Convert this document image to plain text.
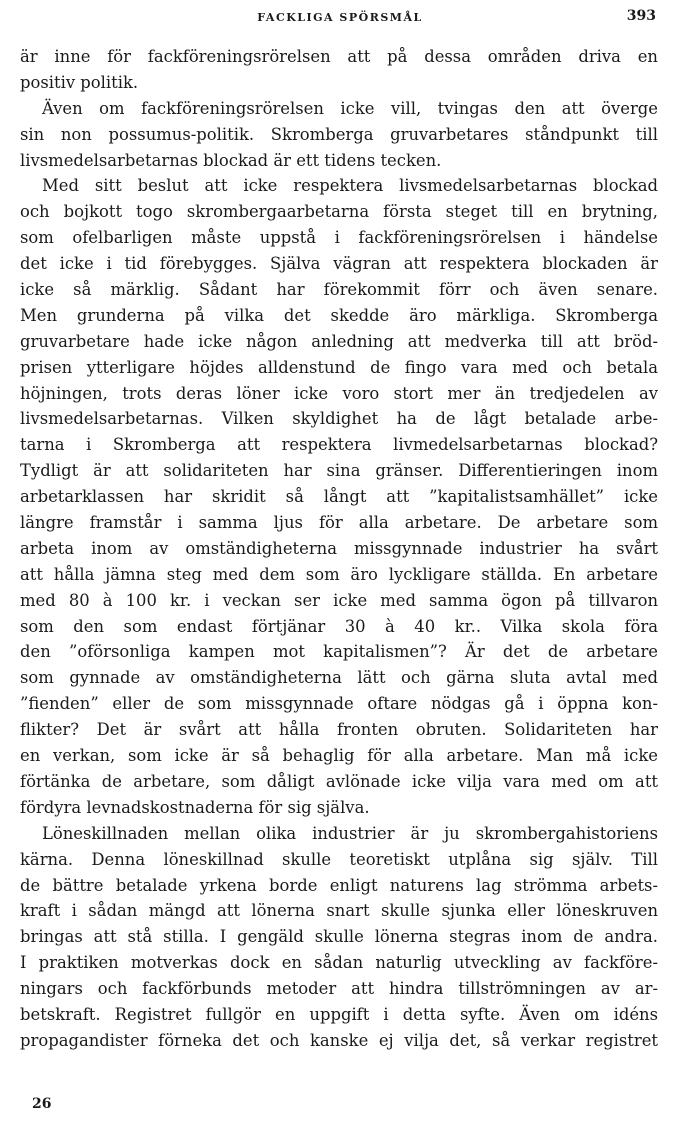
FACKLIGA SPÖRSMÅL	393
är inne för fackföreningsrörelsen att på dessa områden driva en
positiv politik.
Även om fackföreningsrörelsen icke vill, tvingas den att överge
sin non possumus-politik. Skromberga gruvarbetares ståndpunkt till
livsmedelsarbetarnas blockad är ett tidens tecken.
Med sitt beslut att icke respektera livsmedelsarbetarnas blockad
och bojkott togo skrombergaarbetarna första steget till en brytning,
som ofelbarligen måste uppstå i fackföreningsrörelsen i händelse
det icke i tid förebygges. Själva vägran att respektera blockaden är
icke så märklig. Sådant har förekommit förr och även senare.
Men grunderna på vilka det skedde äro märkliga. Skromberga
gruvarbetare hade icke någon anledning att medverka till att bröd-
prisen ytterligare höjdes alldenstund de fingo vara med och betala
höjningen, trots deras löner icke voro stort mer än tredjedelen av
livsmedelsarbetarnas. Vilken skyldighet ha de lågt betalade arbe-
tarna i Skromberga att respektera livmedelsarbetarnas blockad?
Tydligt är att solidariteten har sina gränser. Differentieringen inom
arbetarklassen har skridit så långt att ”kapitalistsamhället” icke
längre framstår i samma ljus för alla arbetare. De arbetare som
arbeta inom av omständigheterna missgynnade industrier ha svårt
att hålla jämna steg med dem som äro lyckligare ställda. En arbetare
med 80 à 100 kr. i veckan ser icke med samma ögon på tillvaron
som den som endast förtjänar 30 à 40 kr.. Vilka skola föra
den ”oförsonliga kampen mot kapitalismen”? Är det de arbetare
som gynnade av omständigheterna lätt och gärna sluta avtal med
”fienden” eller de som missgynnade oftare nödgas gå i öppna kon-
flikter? Det är svårt att hålla fronten obruten. Solidariteten har
en verkan, som icke är så behaglig för alla arbetare. Man må icke
förtänka de arbetare, som dåligt avlönade icke vilja vara med om att
fördyra levnadskostnaderna för sig själva.
Löneskillnaden mellan olika industrier är ju skrombergahistoriens
kärna. Denna löneskillnad skulle teoretiskt utplåna sig själv. Till
de bättre betalade yrkena borde enligt naturens lag strömma arbets-
kraft i sådan mängd att lönerna snart skulle sjunka eller löneskruven
bringas att stå stilla. I gengäld skulle lönerna stegras inom de andra.
I praktiken motverkas dock en sådan naturlig utveckling av fackföre-
ningars och fackförbunds metoder att hindra tillströmningen av ar-
betskraft. Registret fullgör en uppgift i detta syfte. Även om idéns
propagandister förneka det och kanske ej vilja det, så verkar registret
26
